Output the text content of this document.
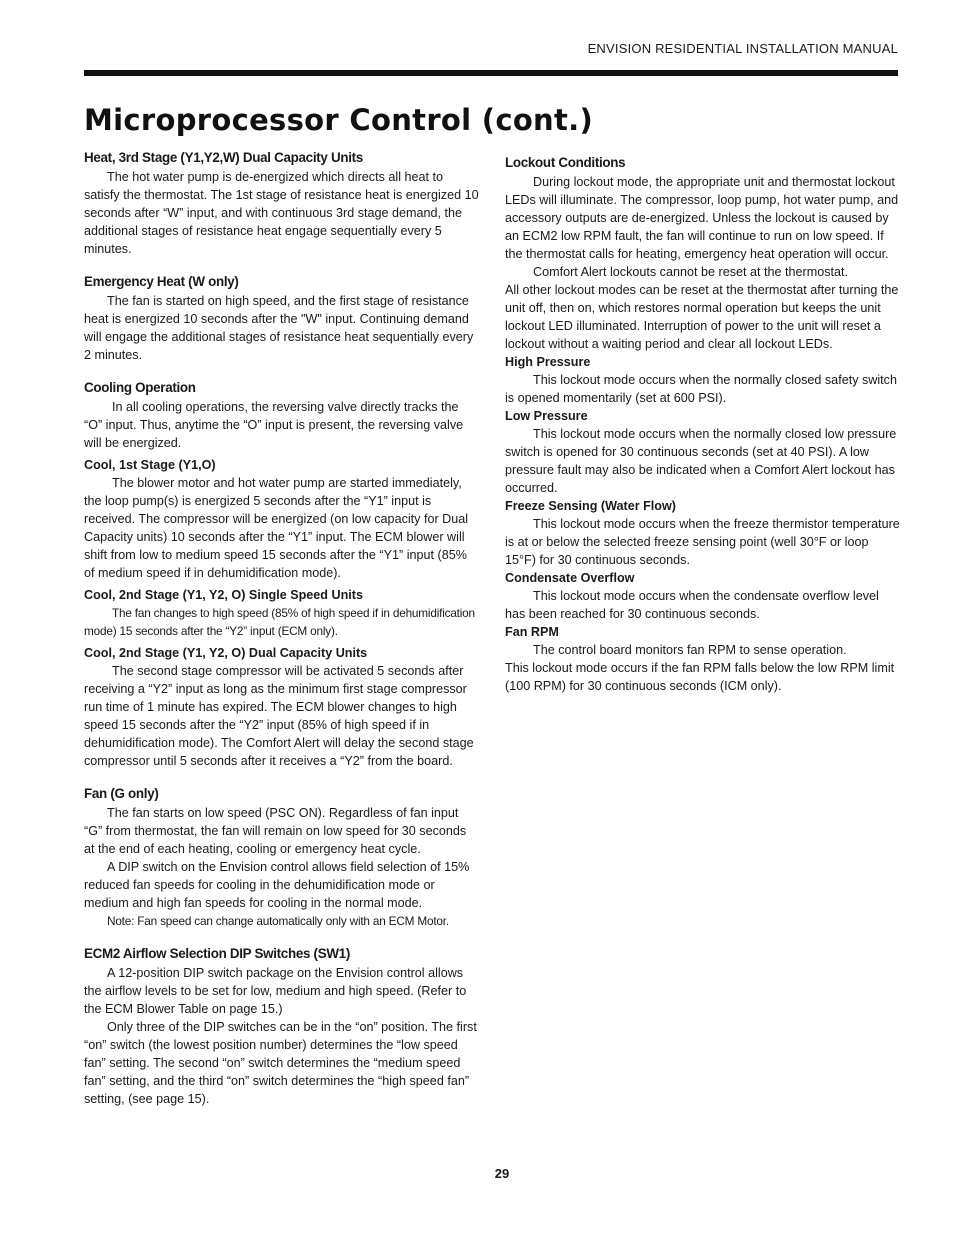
ENVISION RESIDENTIAL INSTALLATION MANUAL
Microprocessor Control (cont.)
Heat, 3rd Stage (Y1,Y2,W) Dual Capacity Units

The hot water pump is de-energized which directs all heat to satisfy the thermostat. The 1st stage of resistance heat is energized 10 seconds after “W” input, and with continuous 3rd stage demand, the additional stages of resistance heat engage sequentially every 5 minutes.

Emergency Heat (W only)

The fan is started on high speed, and the first stage of resistance heat is energized 10 seconds after the "W" input. Continuing demand will engage the additional stages of resistance heat sequentially every 2 minutes.

Cooling Operation

In all cooling operations, the reversing valve directly tracks the “O” input. Thus, anytime the “O” input is present, the reversing valve will be energized.

Cool, 1st Stage (Y1,O)

The blower motor and hot water pump are started immediately, the loop pump(s) is energized 5 seconds after the “Y1” input is received. The compressor will be energized (on low capacity for Dual Capacity units) 10 seconds after the “Y1” input. The ECM blower will shift from low to medium speed 15 seconds after the “Y1” input (85% of medium speed if in dehumidification mode).

Cool, 2nd Stage (Y1, Y2, O) Single Speed Units

The fan changes to high speed (85% of high speed if in dehumidification mode) 15 seconds after the “Y2” input (ECM only).

Cool, 2nd Stage (Y1, Y2, O) Dual Capacity Units

The second stage compressor will be activated 5 seconds after receiving a “Y2” input as long as the minimum first stage compressor run time of 1 minute has expired. The ECM blower changes to high speed 15 seconds after the “Y2” input (85% of high speed if in dehumidification mode). The Comfort Alert will delay the second stage compressor until 5 seconds after it receives a “Y2” from the board.

Fan (G only)

The fan starts on low speed (PSC ON). Regardless of fan input “G” from thermostat, the fan will remain on low speed for 30 seconds at the end of each heating, cooling or emergency heat cycle.

A DIP switch on the Envision control allows field selection of 15% reduced fan speeds for cooling in the dehumidification mode or medium and high fan speeds for cooling in the normal mode.

Note: Fan speed can change automatically only with an ECM Motor.

ECM2 Airflow Selection DIP Switches (SW1)

A 12-position DIP switch package on the Envision control allows the airflow levels to be set for low, medium and high speed. (Refer to the ECM Blower Table on page 15.)

Only three of the DIP switches can be in the “on” position. The first “on” switch (the lowest position number) determines the “low speed fan” setting. The second “on” switch determines the “medium speed fan” setting, and the third “on” switch determines the “high speed fan” setting, (see page 15).

Lockout Conditions

During lockout mode, the appropriate unit and thermostat lockout LEDs will illuminate. The compressor, loop pump, hot water pump, and accessory outputs are de-energized. Unless the lockout is caused by an ECM2 low RPM fault, the fan will continue to run on low speed. If the thermostat calls for heating, emergency heat operation will occur.

Comfort Alert lockouts cannot be reset at the thermostat.

All other lockout modes can be reset at the thermostat after turning the unit off, then on, which restores normal operation but keeps the unit lockout LED illuminated. Interruption of power to the unit will reset a lockout without a waiting period and clear all lockout LEDs.

High Pressure

This lockout mode occurs when the normally closed safety switch is opened momentarily (set at 600 PSI).

Low Pressure

This lockout mode occurs when the normally closed low pressure switch is opened for 30 continuous seconds (set at 40 PSI). A low pressure fault may also be indicated when a Comfort Alert lockout has occurred.

Freeze Sensing (Water Flow)

This lockout mode occurs when the freeze thermistor temperature is at or below the selected freeze sensing point (well 30°F or loop 15°F) for 30 continuous seconds.

Condensate Overflow

This lockout mode occurs when the condensate overflow level has been reached for 30 continuous seconds.

Fan RPM

The control board monitors fan RPM to sense operation.

This lockout mode occurs if the fan RPM falls below the low RPM limit (100 RPM) for 30 continuous seconds (ICM only).

29
